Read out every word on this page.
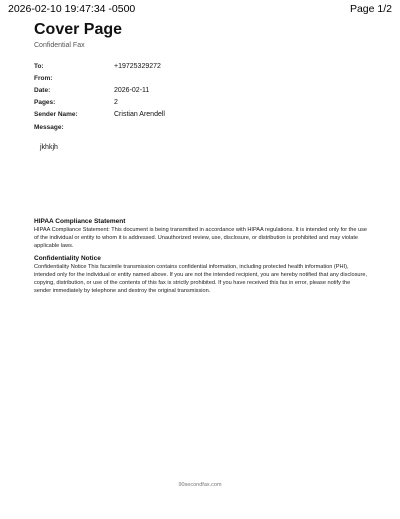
2026-02-10 19:47:34 -0500	Page 1/2
Cover Page
Confidential Fax
To:	+19725329272
From:
Date:	2026-02-11
Pages:	2
Sender Name:	Cristian Arendell
Message:
jkhkjh

HIPAA Compliance Statement

HIPAA Compliance Statement: This document is being transmitted in accordance with HIPAA regulations. It is intended only for the use of the individual or entity to whom it is addressed. Unauthorized review, use, disclosure, or distribution is prohibited and may violate applicable laws.

Confidentiality Notice

Confidentiality Notice This facsimile transmission contains confidential information, including protected health information (PHI), intended only for the individual or entity named above. If you are not the intended recipient, you are hereby notified that any disclosure, copying, distribution, or use of the contents of this fax is strictly prohibited. If you have received this fax in error, please notify the sender immediately by telephone and destroy the original transmission.

90secondfax.com
